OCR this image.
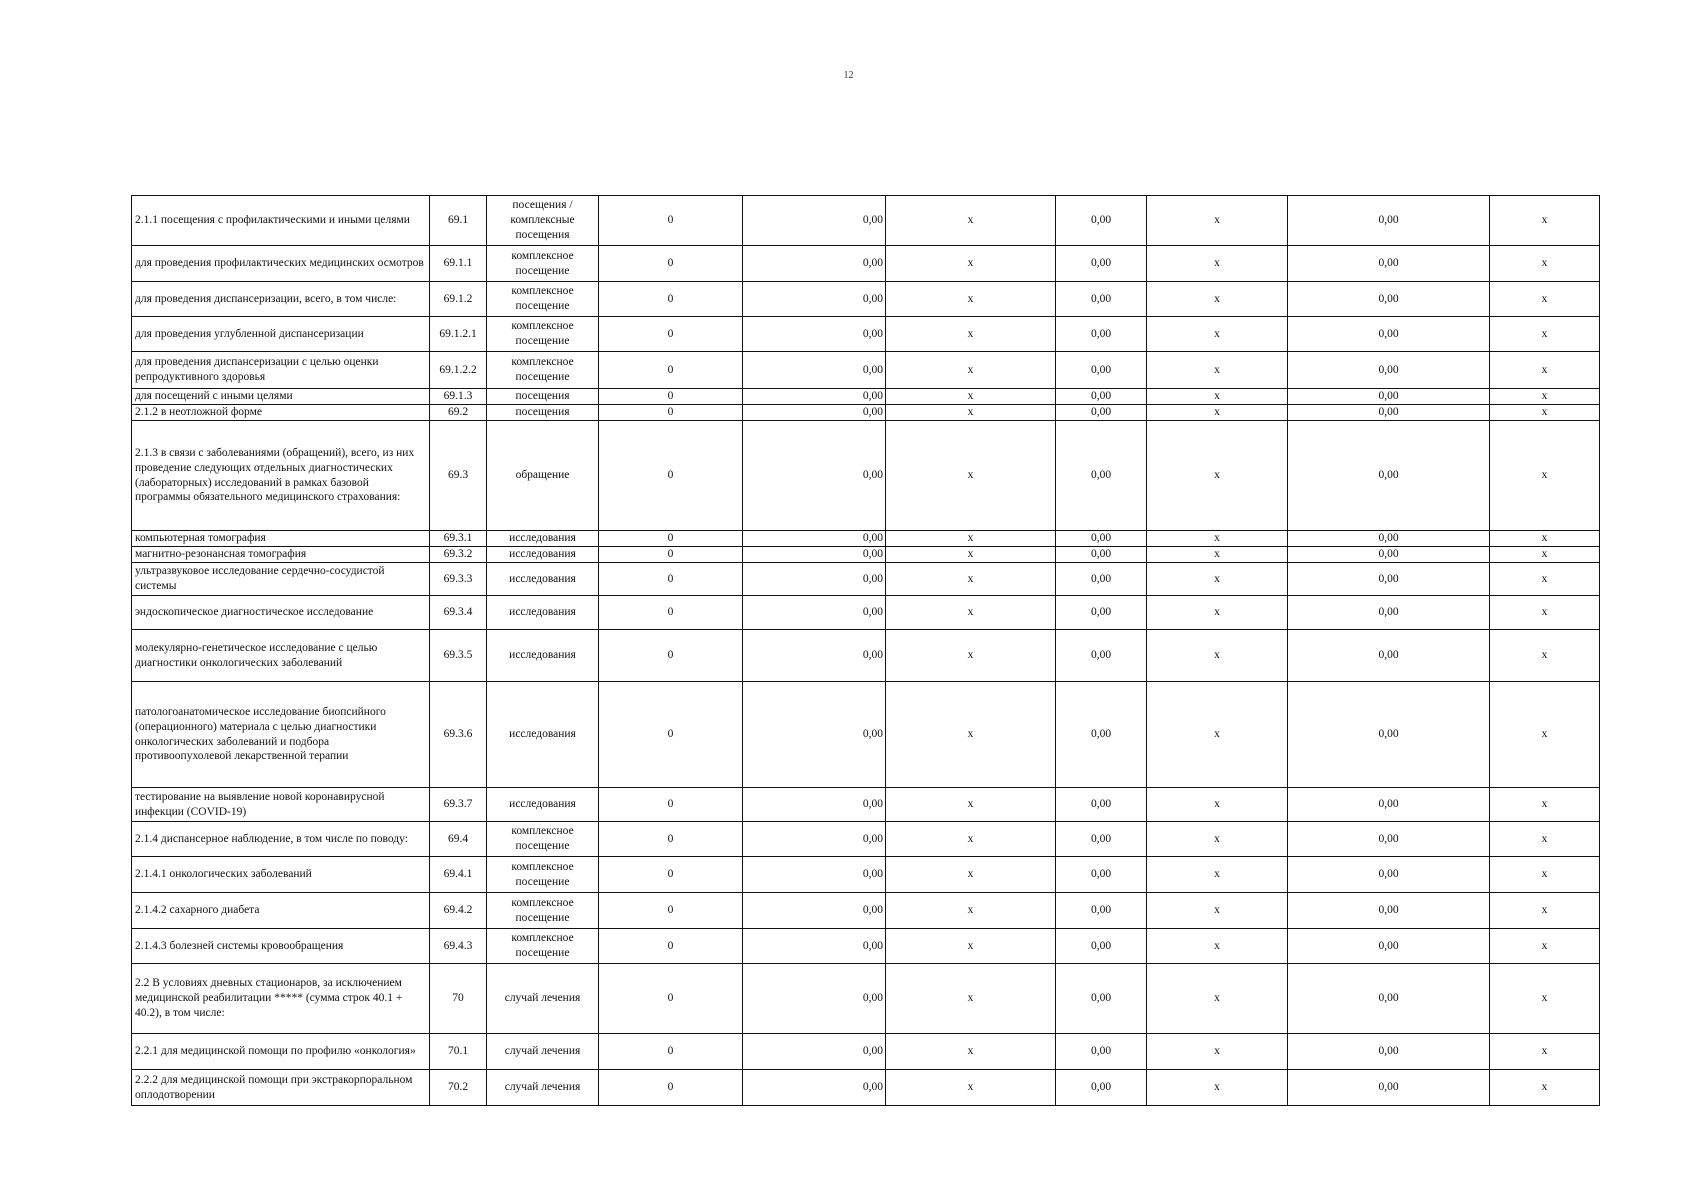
12
2.1.1 посещения с профилактическими и иными целями	69.1	посещения / комплексные посещения	0	0,00	х	0,00	х	0,00	х
для проведения профилактических медицинских осмотров	69.1.1	комплексное посещение	0	0,00	х	0,00	х	0,00	х
для проведения диспансеризации, всего, в том числе:	69.1.2	комплексное посещение	0	0,00	х	0,00	х	0,00	х
для проведения углубленной диспансеризации	69.1.2.1	комплексное посещение	0	0,00	х	0,00	х	0,00	х
для проведения диспансеризации с целью оценки репродуктивного здоровья	69.1.2.2	комплексное посещение	0	0,00	х	0,00	х	0,00	х
для посещений с иными целями	69.1.3	посещения	0	0,00	х	0,00	х	0,00	х
2.1.2 в неотложной форме	69.2	посещения	0	0,00	х	0,00	х	0,00	х
2.1.3 в связи с заболеваниями (обращений), всего, из них проведение следующих отдельных диагностических (лабораторных) исследований в рамках базовой программы обязательного медицинского страхования:	69.3	обращение	0	0,00	х	0,00	х	0,00	х
компьютерная томография	69.3.1	исследования	0	0,00	х	0,00	х	0,00	х
магнитно-резонансная томография	69.3.2	исследования	0	0,00	х	0,00	х	0,00	х
ультразвуковое исследование сердечно-сосудистой системы	69.3.3	исследования	0	0,00	х	0,00	х	0,00	х
эндоскопическое диагностическое исследование	69.3.4	исследования	0	0,00	х	0,00	х	0,00	х
молекулярно-генетическое исследование с целью диагностики онкологических заболеваний	69.3.5	исследования	0	0,00	х	0,00	х	0,00	х
патологоанатомическое исследование биопсийного (операционного) материала с целью диагностики онкологических заболеваний и подбора противоопухолевой лекарственной терапии	69.3.6	исследования	0	0,00	х	0,00	х	0,00	х
тестирование на выявление новой коронавирусной инфекции (COVID-19)	69.3.7	исследования	0	0,00	х	0,00	х	0,00	х
2.1.4 диспансерное наблюдение, в том числе по поводу:	69.4	комплексное посещение	0	0,00	х	0,00	х	0,00	х
2.1.4.1 онкологических заболеваний	69.4.1	комплексное посещение	0	0,00	х	0,00	х	0,00	х
2.1.4.2 сахарного диабета	69.4.2	комплексное посещение	0	0,00	х	0,00	х	0,00	х
2.1.4.3 болезней системы кровообращения	69.4.3	комплексное посещение	0	0,00	х	0,00	х	0,00	х
2.2 В условиях дневных стационаров, за исключением медицинской реабилитации ***** (сумма строк 40.1 + 40.2), в том числе:	70	случай лечения	0	0,00	х	0,00	х	0,00	х
2.2.1 для медицинской помощи по профилю «онкология»	70.1	случай лечения	0	0,00	х	0,00	х	0,00	х
2.2.2 для медицинской помощи при экстракорпоральном оплодотворении	70.2	случай лечения	0	0,00	х	0,00	х	0,00	х
